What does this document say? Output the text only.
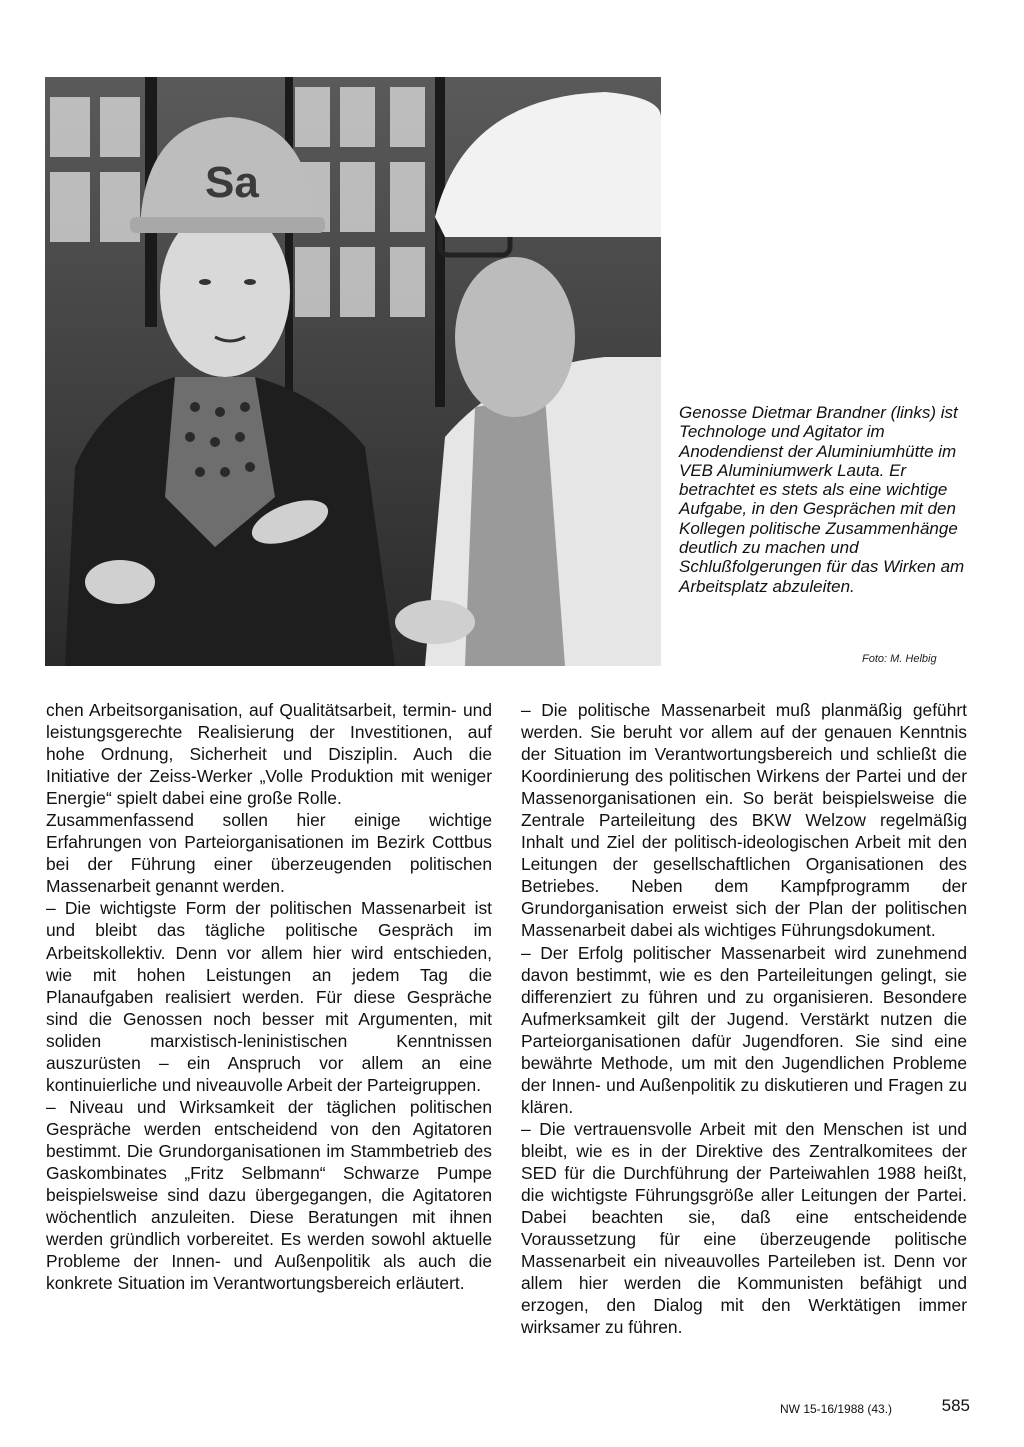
Sa

Genosse Dietmar Brandner (links) ist Technologe und Agitator im Anodendienst der Aluminiumhütte im VEB Aluminiumwerk Lauta. Er betrachtet es stets als eine wichtige Aufgabe, in den Gesprächen mit den Kollegen politische Zusammenhänge deutlich zu machen und Schlußfolgerungen für das Wirken am Arbeitsplatz abzuleiten.

Foto: M. Helbig

chen Arbeitsorganisation, auf Qualitätsarbeit, termin- und leistungsgerechte Realisierung der Investitionen, auf hohe Ordnung, Sicherheit und Disziplin. Auch die Initiative der Zeiss-Werker „Volle Produktion mit weniger Energie“ spielt dabei eine große Rolle.

Zusammenfassend sollen hier einige wichtige Erfahrungen von Parteiorganisationen im Bezirk Cottbus bei der Führung einer überzeugenden politischen Massenarbeit genannt werden.

– Die wichtigste Form der politischen Massenarbeit ist und bleibt das tägliche politische Gespräch im Arbeitskollektiv. Denn vor allem hier wird entschieden, wie mit hohen Leistungen an jedem Tag die Planaufgaben realisiert werden. Für diese Gespräche sind die Genossen noch besser mit Argumenten, mit soliden marxistisch-leninistischen Kenntnissen auszurüsten – ein Anspruch vor allem an eine kontinuierliche und niveauvolle Arbeit der Parteigruppen.

– Niveau und Wirksamkeit der täglichen politischen Gespräche werden entscheidend von den Agitatoren bestimmt. Die Grundorganisationen im Stammbetrieb des Gaskombinates „Fritz Selbmann“ Schwarze Pumpe beispielsweise sind dazu übergegangen, die Agitatoren wöchentlich anzuleiten. Diese Beratungen mit ihnen werden gründlich vorbereitet. Es werden sowohl aktuelle Probleme der Innen- und Außenpolitik als auch die konkrete Situation im Verantwortungsbereich erläutert.

– Die politische Massenarbeit muß planmäßig geführt werden. Sie beruht vor allem auf der genauen Kenntnis der Situation im Verantwortungsbereich und schließt die Koordinierung des politischen Wirkens der Partei und der Massenorganisationen ein. So berät beispielsweise die Zentrale Parteileitung des BKW Welzow regelmäßig Inhalt und Ziel der politisch-ideologischen Arbeit mit den Leitungen der gesellschaftlichen Organisationen des Betriebes. Neben dem Kampfprogramm der Grundorganisation erweist sich der Plan der politischen Massenarbeit dabei als wichtiges Führungsdokument.

– Der Erfolg politischer Massenarbeit wird zunehmend davon bestimmt, wie es den Parteileitungen gelingt, sie differenziert zu führen und zu organisieren. Besondere Aufmerksamkeit gilt der Jugend. Verstärkt nutzen die Parteiorganisationen dafür Jugendforen. Sie sind eine bewährte Methode, um mit den Jugendlichen Probleme der Innen- und Außenpolitik zu diskutieren und Fragen zu klären.

– Die vertrauensvolle Arbeit mit den Menschen ist und bleibt, wie es in der Direktive des Zentralkomitees der SED für die Durchführung der Parteiwahlen 1988 heißt, die wichtigste Führungsgröße aller Leitungen der Partei. Dabei beachten sie, daß eine entscheidende Voraussetzung für eine überzeugende politische Massenarbeit ein niveauvolles Parteileben ist. Denn vor allem hier werden die Kommunisten befähigt und erzogen, den Dialog mit den Werktätigen immer wirksamer zu führen.

NW 15-16/1988 (43.)	585
